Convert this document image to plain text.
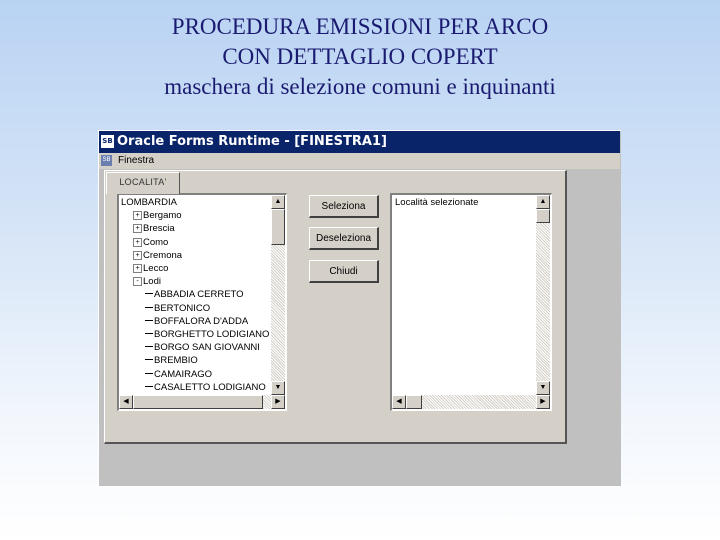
PROCEDURA EMISSIONI PER ARCO
CON DETTAGLIO COPERT
maschera di selezione comuni e inquinanti
SB Oracle Forms Runtime - [FINESTRA1]
SB Finestra
LOCALITA'
LOMBARDIA
+ Bergamo
+ Brescia
+ Como
+ Cremona
+ Lecco
- Lodi
ABBADIA CERRETO
BERTONICO
BOFFALORA D'ADDA
BORGHETTO LODIGIANO
BORGO SAN GIOVANNI
BREMBIO
CAMAIRAGO
CASALETTO LODIGIANO
▲
▼
◀	▶
Seleziona
Deseleziona
Chiudi
Località selezionate	▲
▼
◀	▶
